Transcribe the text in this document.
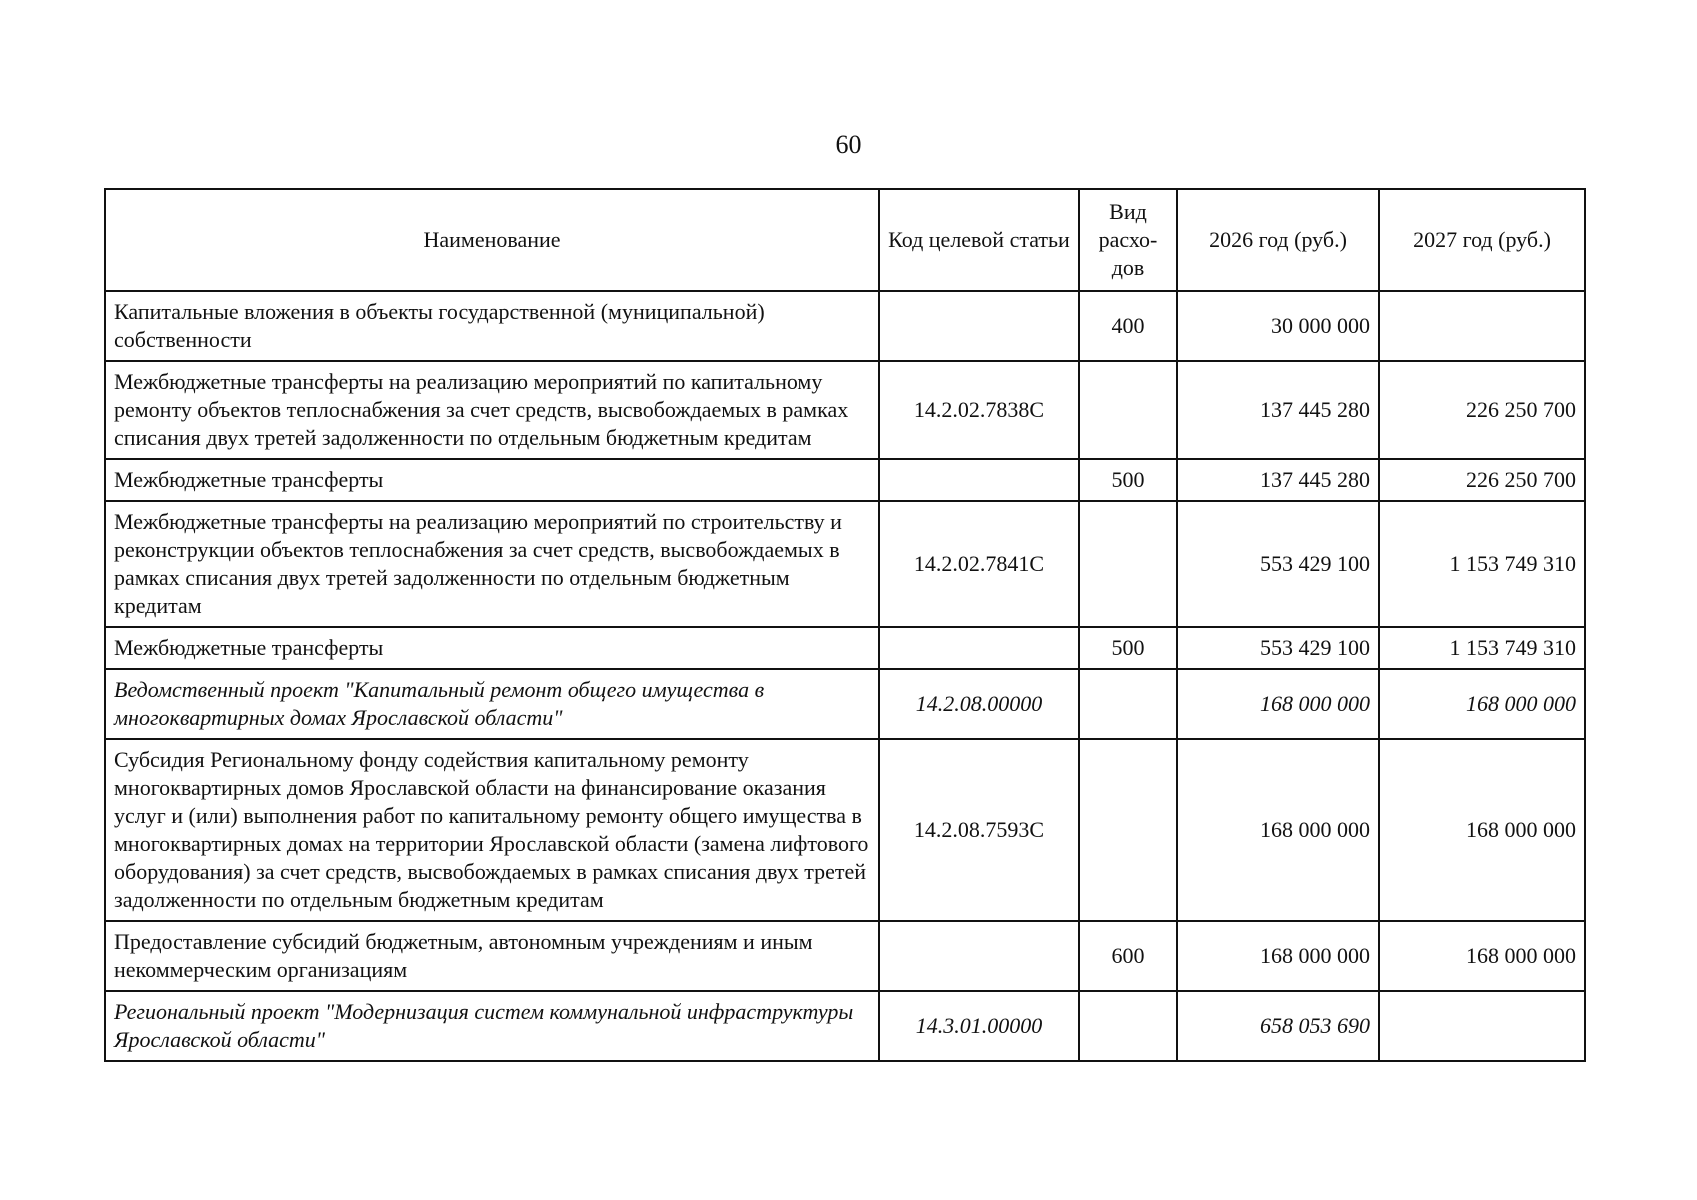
60
Наименование	Код целевой статьи	Вид расхо-дов	2026 год (руб.)	2027 год (руб.)
Капитальные вложения в объекты государственной (муниципальной) собственности		400	30 000 000	
Межбюджетные трансферты на реализацию мероприятий по капитальному ремонту объектов теплоснабжения за счет средств, высвобождаемых в рамках списания двух третей задолженности по отдельным бюджетным кредитам	14.2.02.7838С		137 445 280	226 250 700
Межбюджетные трансферты		500	137 445 280	226 250 700
Межбюджетные трансферты на реализацию мероприятий по строительству и реконструкции объектов теплоснабжения за счет средств, высвобождаемых в рамках списания двух третей задолженности по отдельным бюджетным кредитам	14.2.02.7841С		553 429 100	1 153 749 310
Межбюджетные трансферты		500	553 429 100	1 153 749 310
Ведомственный проект "Капитальный ремонт общего имущества в многоквартирных домах Ярославской области"	14.2.08.00000		168 000 000	168 000 000
Субсидия Региональному фонду содействия капитальному ремонту многоквартирных домов Ярославской области на финансирование оказания услуг и (или) выполнения работ по капитальному ремонту общего имущества в многоквартирных домах на территории Ярославской области (замена лифтового оборудования) за счет средств, высвобождаемых в рамках списания двух третей задолженности по отдельным бюджетным кредитам	14.2.08.7593С		168 000 000	168 000 000
Предоставление субсидий бюджетным, автономным учреждениям и иным некоммерческим организациям		600	168 000 000	168 000 000
Региональный проект "Модернизация систем коммунальной инфраструктуры Ярославской области"	14.3.01.00000		658 053 690	
